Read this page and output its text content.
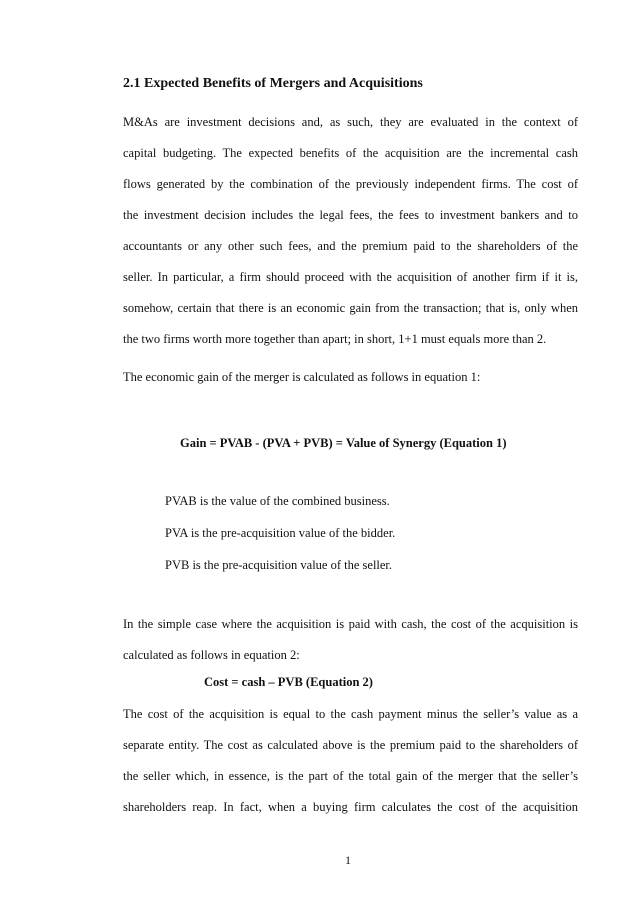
2.1 Expected Benefits of Mergers and Acquisitions
M&As are investment decisions and, as such, they are evaluated in the context of
capital budgeting. The expected benefits of the acquisition are the incremental cash
flows generated by the combination of the previously independent firms. The cost of
the investment decision includes the legal fees, the fees to investment bankers and to
accountants or any other such fees, and the premium paid to the shareholders of the
seller. In particular, a firm should proceed with the acquisition of another firm if it is,
somehow, certain that there is an economic gain from the transaction; that is, only when
the two firms worth more together than apart; in short, 1+1 must equals more than 2.
The economic gain of the merger is calculated as follows in equation 1:
Gain = PVAB - (PVA + PVB) = Value of Synergy (Equation 1)
PVAB is the value of the combined business.
PVA is the pre-acquisition value of the bidder.
PVB is the pre-acquisition value of the seller.
In the simple case where the acquisition is paid with cash, the cost of the acquisition is
calculated as follows in equation 2:
Cost = cash – PVB (Equation 2)
The cost of the acquisition is equal to the cash payment minus the seller’s value as a
separate entity. The cost as calculated above is the premium paid to the shareholders of
the seller which, in essence, is the part of the total gain of the merger that the seller’s
shareholders reap. In fact, when a buying firm calculates the cost of the acquisition
1
